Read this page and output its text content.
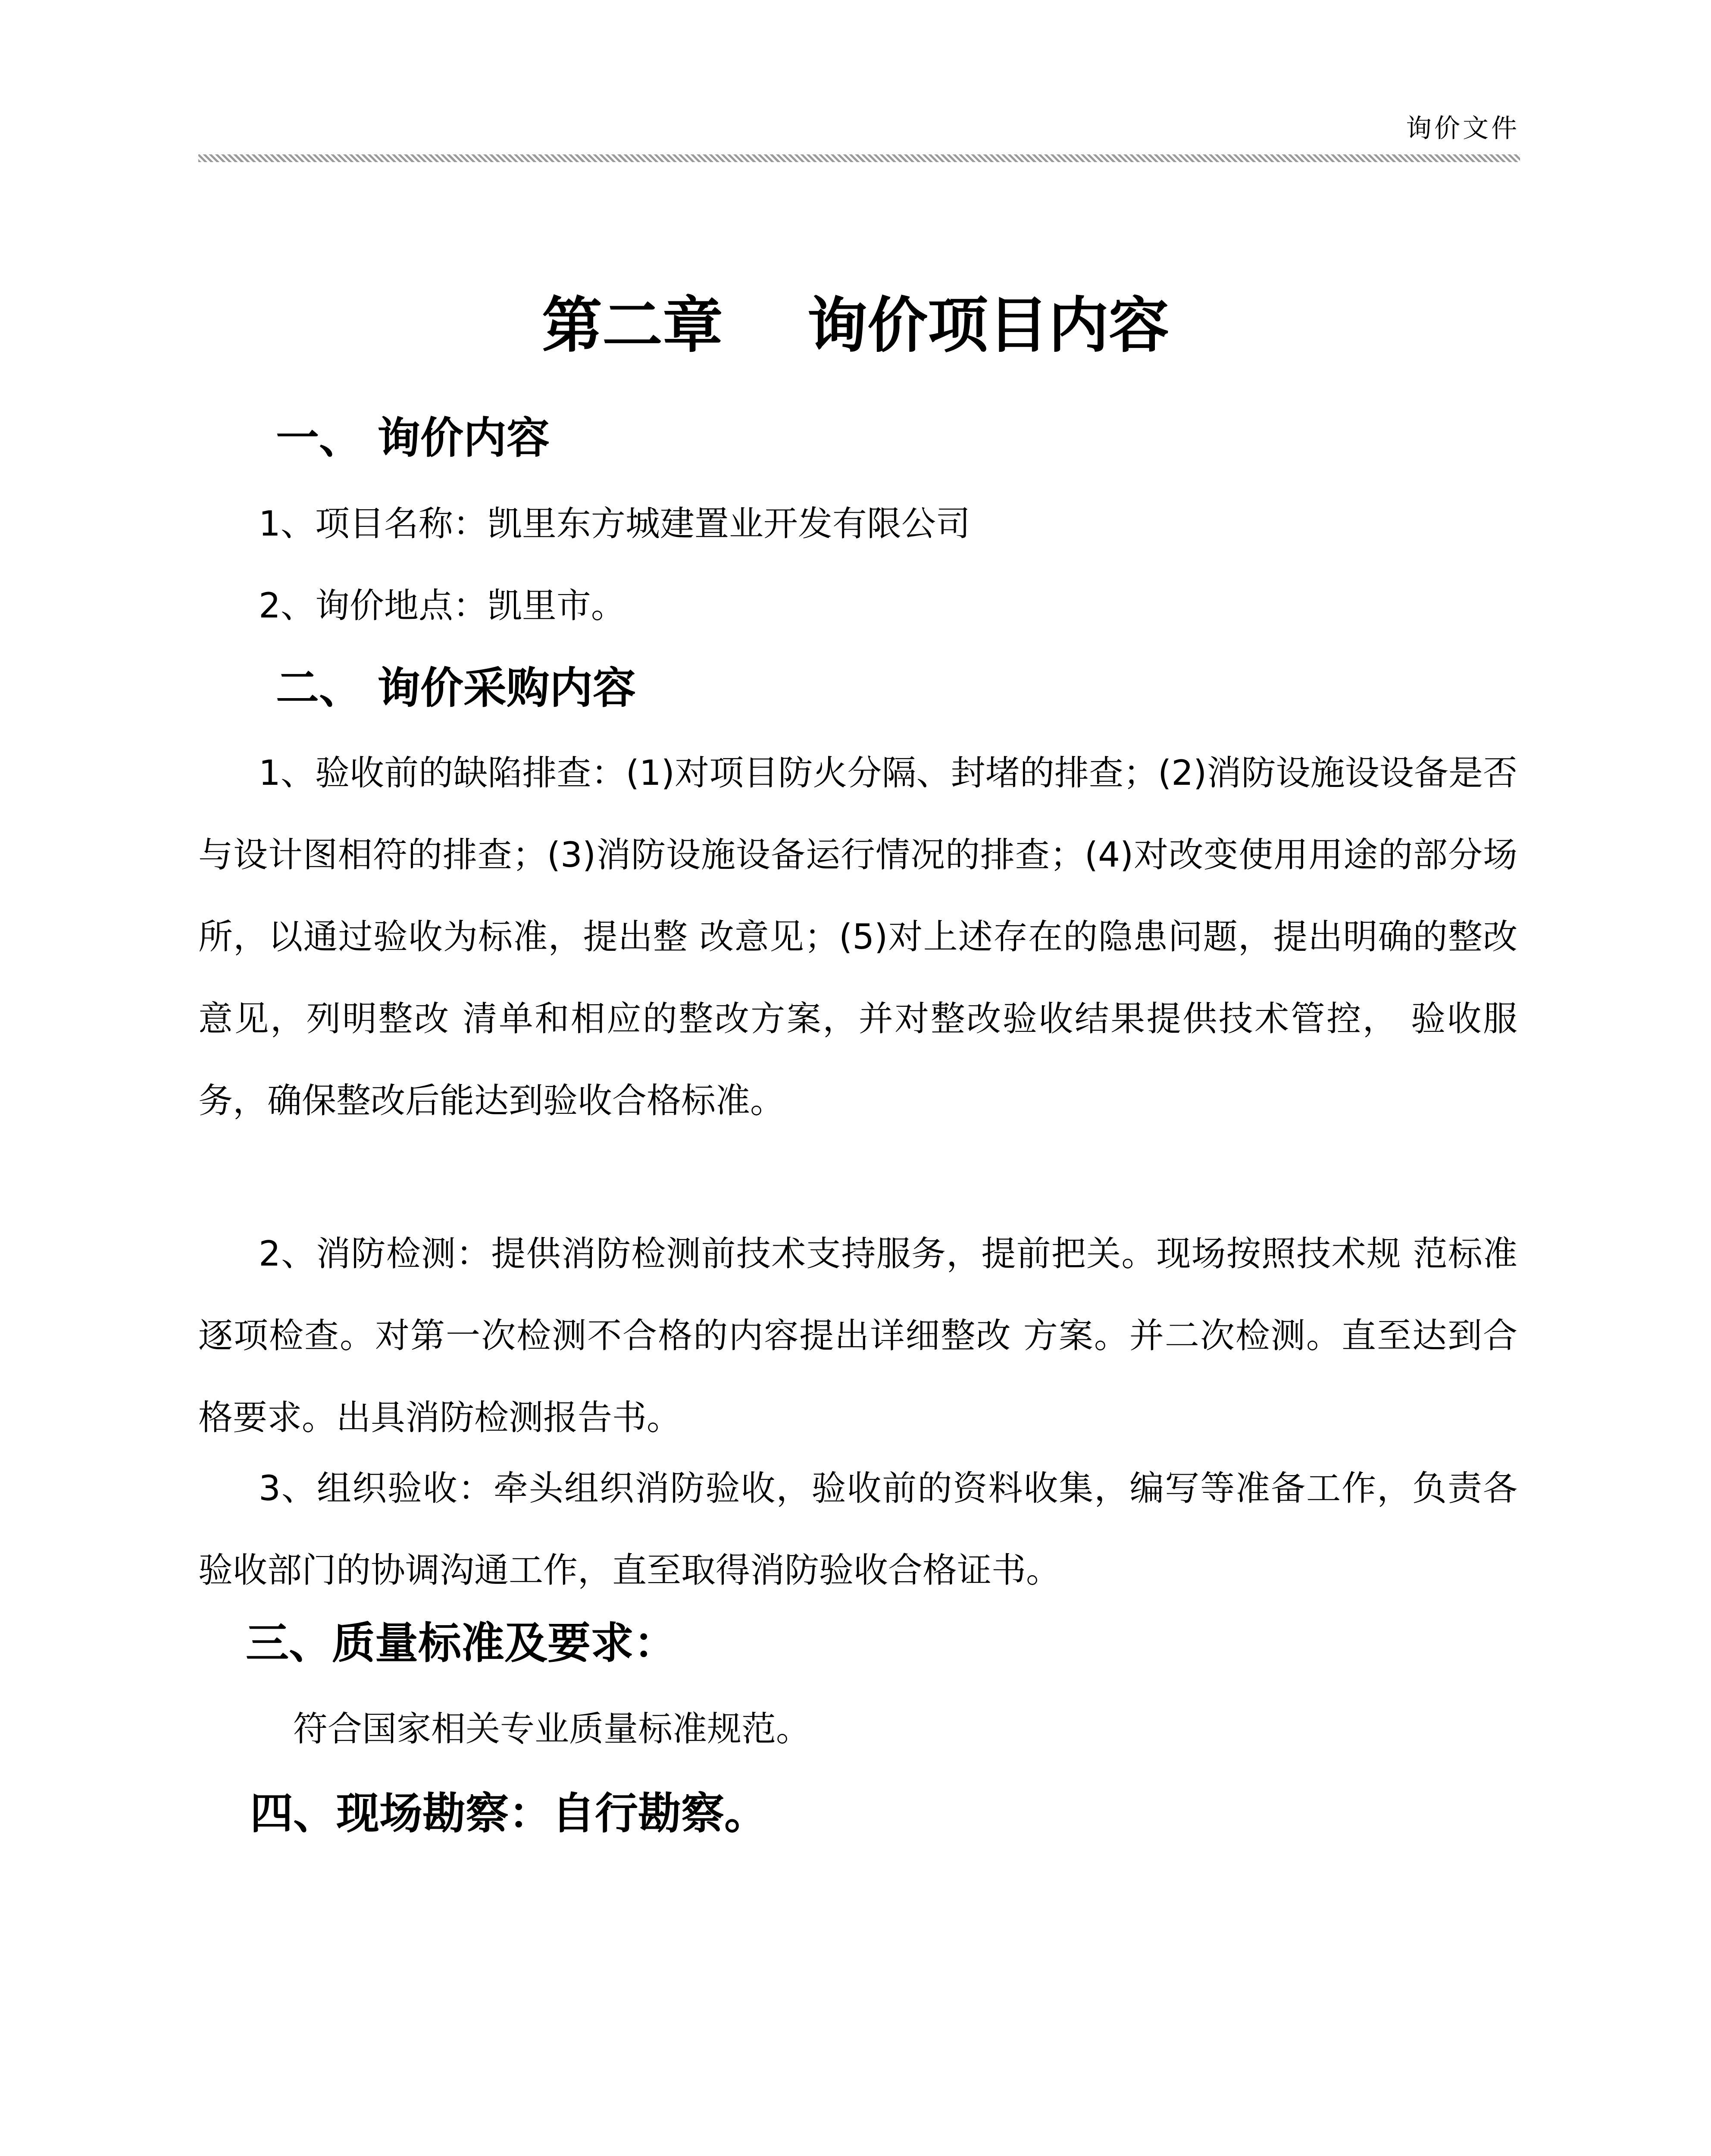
询价文件
第二章    询价项目内容
一、 询价内容
1、项目名称：凯里东方城建置业开发有限公司
2、询价地点：凯里市。
二、 询价采购内容
1、验收前的缺陷排查：(1)对项目防火分隔、封堵的排查；(2)消防设施设设备是否与设计图相符的排查；(3)消防设施设备运行情况的排查；(4)对改变使用用途的部分场所，以通过验收为标准，提出整 改意见；(5)对上述存在的隐患问题，提出明确的整改意见，列明整改 清单和相应的整改方案，并对整改验收结果提供技术管控， 验收服务，确保整改后能达到验收合格标准。
2、消防检测：提供消防检测前技术支持服务，提前把关。现场按照技术规 范标准逐项检查。对第一次检测不合格的内容提出详细整改 方案。并二次检测。直至达到合格要求。出具消防检测报告书。
3、组织验收：牵头组织消防验收，验收前的资料收集，编写等准备工作，负责各验收部门的协调沟通工作，直至取得消防验收合格证书。
三、质量标准及要求：
符合国家相关专业质量标准规范。
四、现场勘察：自行勘察。
